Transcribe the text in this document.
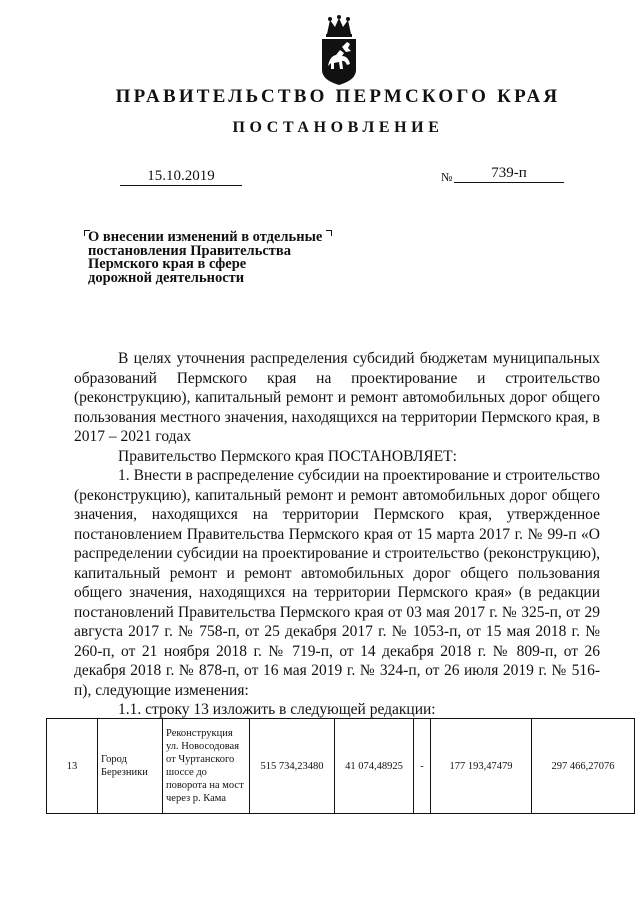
ПРАВИТЕЛЬСТВО ПЕРМСКОГО КРАЯ
ПОСТАНОВЛЕНИЕ
15.10.2019	№	739-п
О внесении изменений в отдельные
постановления Правительства
Пермского края в сфере
дорожной деятельности

В целях уточнения распределения субсидий бюджетам муниципальных образований Пермского края на проектирование и строительство (реконструкцию), капитальный ремонт и ремонт автомобильных дорог общего пользования местного значения, находящихся на территории Пермского края, в 2017 – 2021 годах

Правительство Пермского края ПОСТАНОВЛЯЕТ:

1. Внести в распределение субсидии на проектирование и строительство (реконструкцию), капитальный ремонт и ремонт автомобильных дорог общего значения, находящихся на территории Пермского края, утвержденное постановлением Правительства Пермского края от 15 марта 2017 г. № 99-п «О распределении субсидии на проектирование и строительство (реконструкцию), капитальный ремонт и ремонт автомобильных дорог общего пользования общего значения, находящихся на территории Пермского края» (в редакции постановлений Правительства Пермского края от 03 мая 2017 г. № 325-п, от 29 августа 2017 г. № 758-п, от 25 декабря 2017 г. № 1053-п, от 15 мая 2018 г. № 260-п, от 21 ноября 2018 г. № 719-п, от 14 декабря 2018 г. № 809-п, от 26 декабря 2018 г. № 878-п, от 16 мая 2019 г. № 324-п, от 26 июля 2019 г. № 516-п), следующие изменения:

1.1. строку 13 изложить в следующей редакции:

13	Город Березники	Реконструкция ул. Новосодовая от Чуртанского шоссе до поворота на мост через р. Кама	515 734,23480	41 074,48925	-	177 193,47479	297 466,27076
